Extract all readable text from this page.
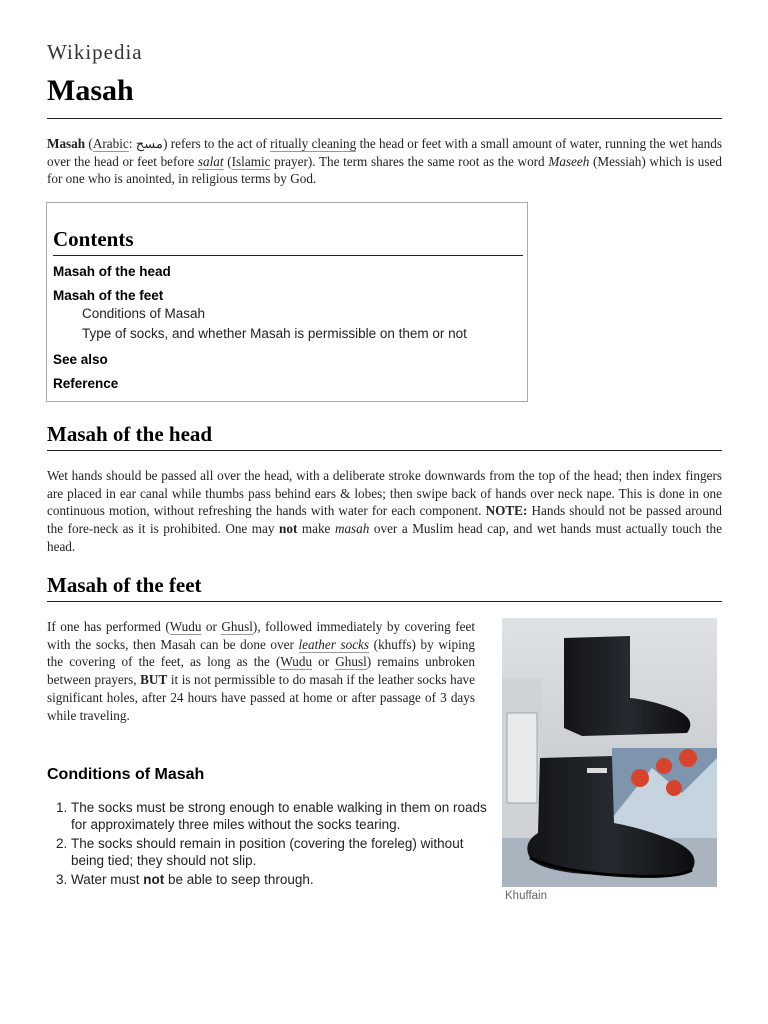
Wikipedia
Masah

Masah (Arabic: مسح) refers to the act of ritually cleaning the head or feet with a small amount of water, running the wet hands over the head or feet before salat (Islamic prayer). The term shares the same root as the word Maseeh (Messiah) which is used for one who is anointed, in religious terms by God.

Contents
Masah of the head
Masah of the feet
Conditions of Masah
Type of socks, and whether Masah is permissible on them or not
See also
Reference
Masah of the head

Wet hands should be passed all over the head, with a deliberate stroke downwards from the top of the head; then index fingers are placed in ear canal while thumbs pass behind ears & lobes; then swipe back of hands over neck nape. This is done in one continuous motion, without refreshing the hands with water for each component. NOTE: Hands should not be passed around the fore-neck as it is prohibited. One may not make masah over a Muslim head cap, and wet hands must actually touch the head.

Masah of the feet

If one has performed (Wudu or Ghusl), followed immediately by covering feet with the socks, then Masah can be done over leather socks (khuffs) by wiping the covering of the feet, as long as the (Wudu or Ghusl) remains unbroken between prayers, BUT it is not permissible to do masah if the leather socks have significant holes, after 24 hours have passed at home or after passage of 3 days while traveling.

Conditions of Masah
1. The socks must be strong enough to enable walking in them on roads for approximately three miles without the socks tearing.
2. The socks should remain in position (covering the foreleg) without being tied; they should not slip.
3. Water must not be able to seep through.
Khuffain
